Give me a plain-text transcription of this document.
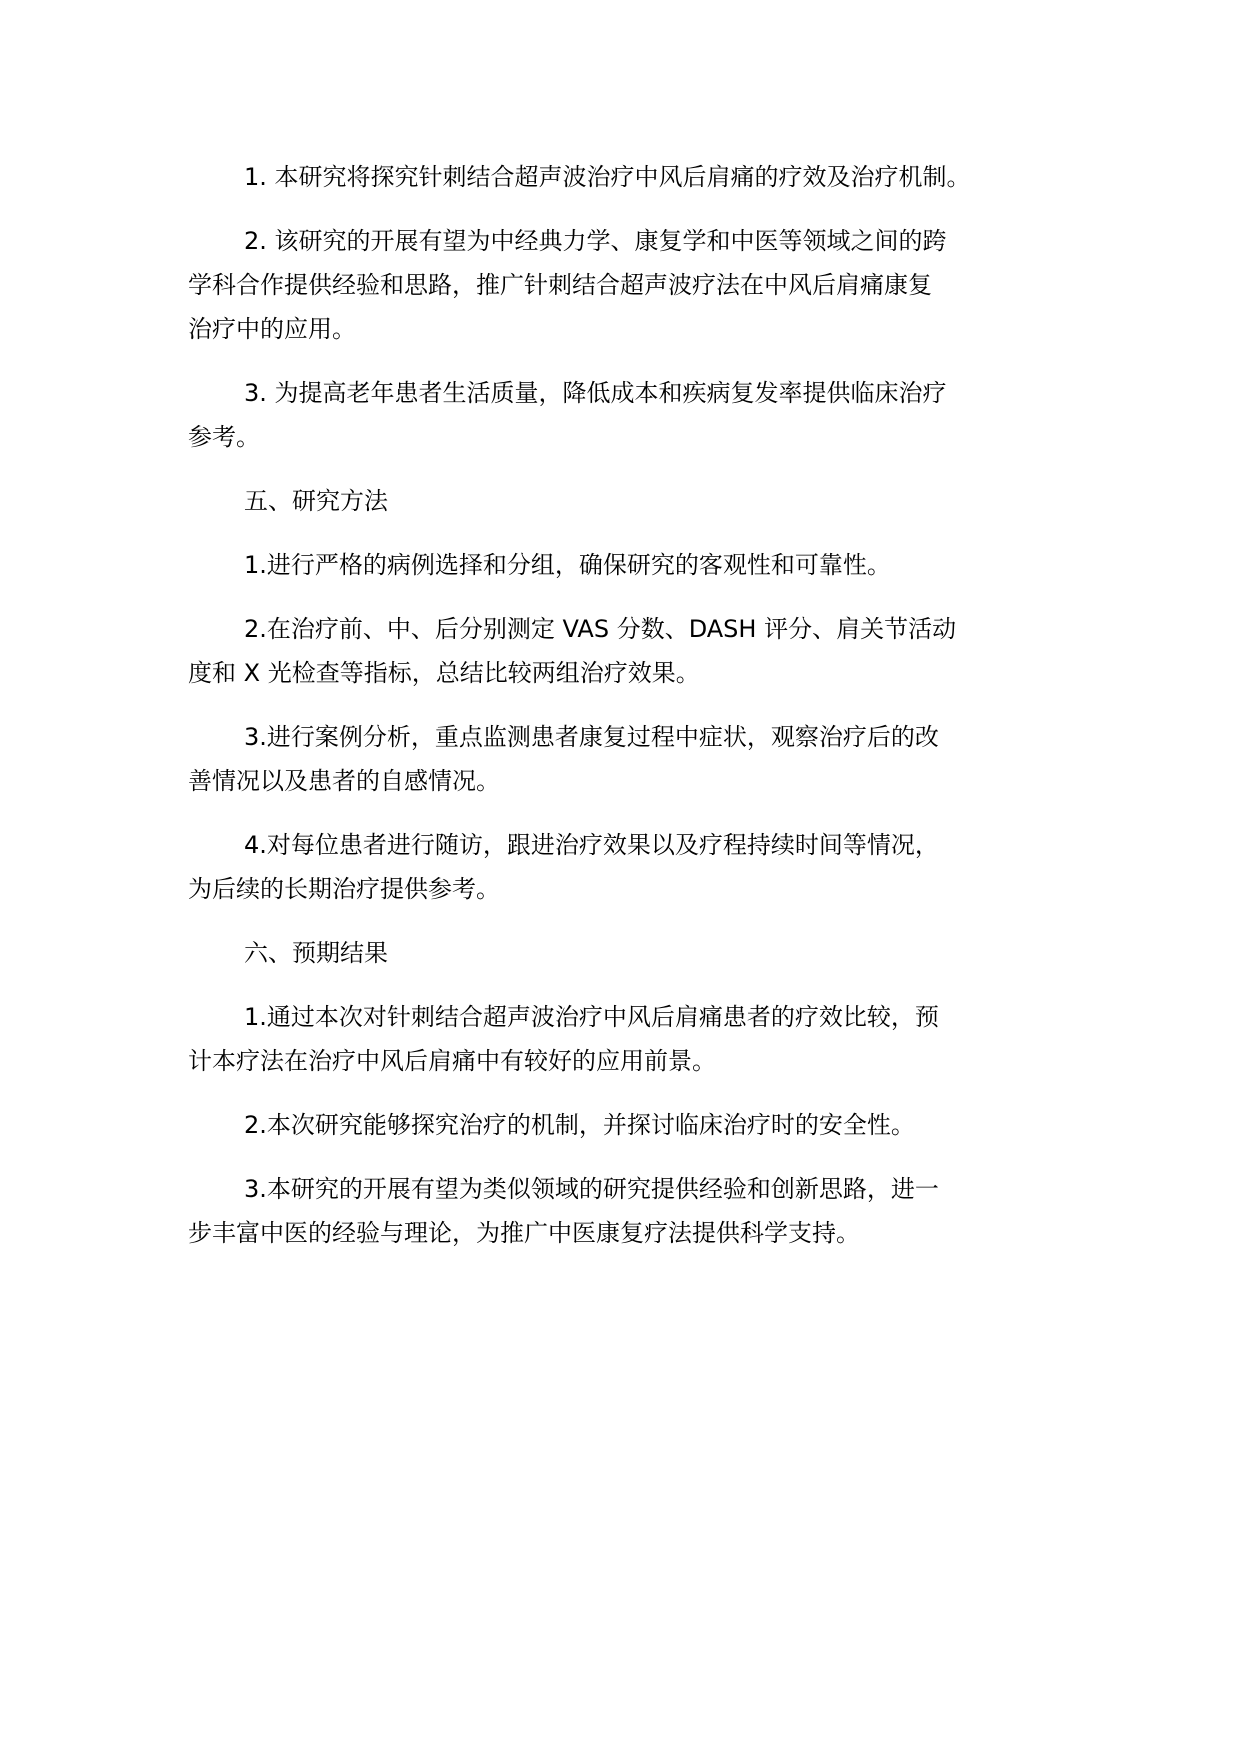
1. 本研究将探究针刺结合超声波治疗中风后肩痛的疗效及治疗机制。
2. 该研究的开展有望为中经典力学、康复学和中医等领域之间的跨
学科合作提供经验和思路，推广针刺结合超声波疗法在中风后肩痛康复
治疗中的应用。
3. 为提高老年患者生活质量，降低成本和疾病复发率提供临床治疗
参考。
五、研究方法
1.进行严格的病例选择和分组，确保研究的客观性和可靠性。
2.在治疗前、中、后分别测定 VAS 分数、DASH 评分、肩关节活动
度和 X 光检查等指标，总结比较两组治疗效果。
3.进行案例分析，重点监测患者康复过程中症状，观察治疗后的改
善情况以及患者的自感情况。
4.对每位患者进行随访，跟进治疗效果以及疗程持续时间等情况，
为后续的长期治疗提供参考。
六、预期结果
1.通过本次对针刺结合超声波治疗中风后肩痛患者的疗效比较，预
计本疗法在治疗中风后肩痛中有较好的应用前景。
2.本次研究能够探究治疗的机制，并探讨临床治疗时的安全性。
3.本研究的开展有望为类似领域的研究提供经验和创新思路，进一
步丰富中医的经验与理论，为推广中医康复疗法提供科学支持。
